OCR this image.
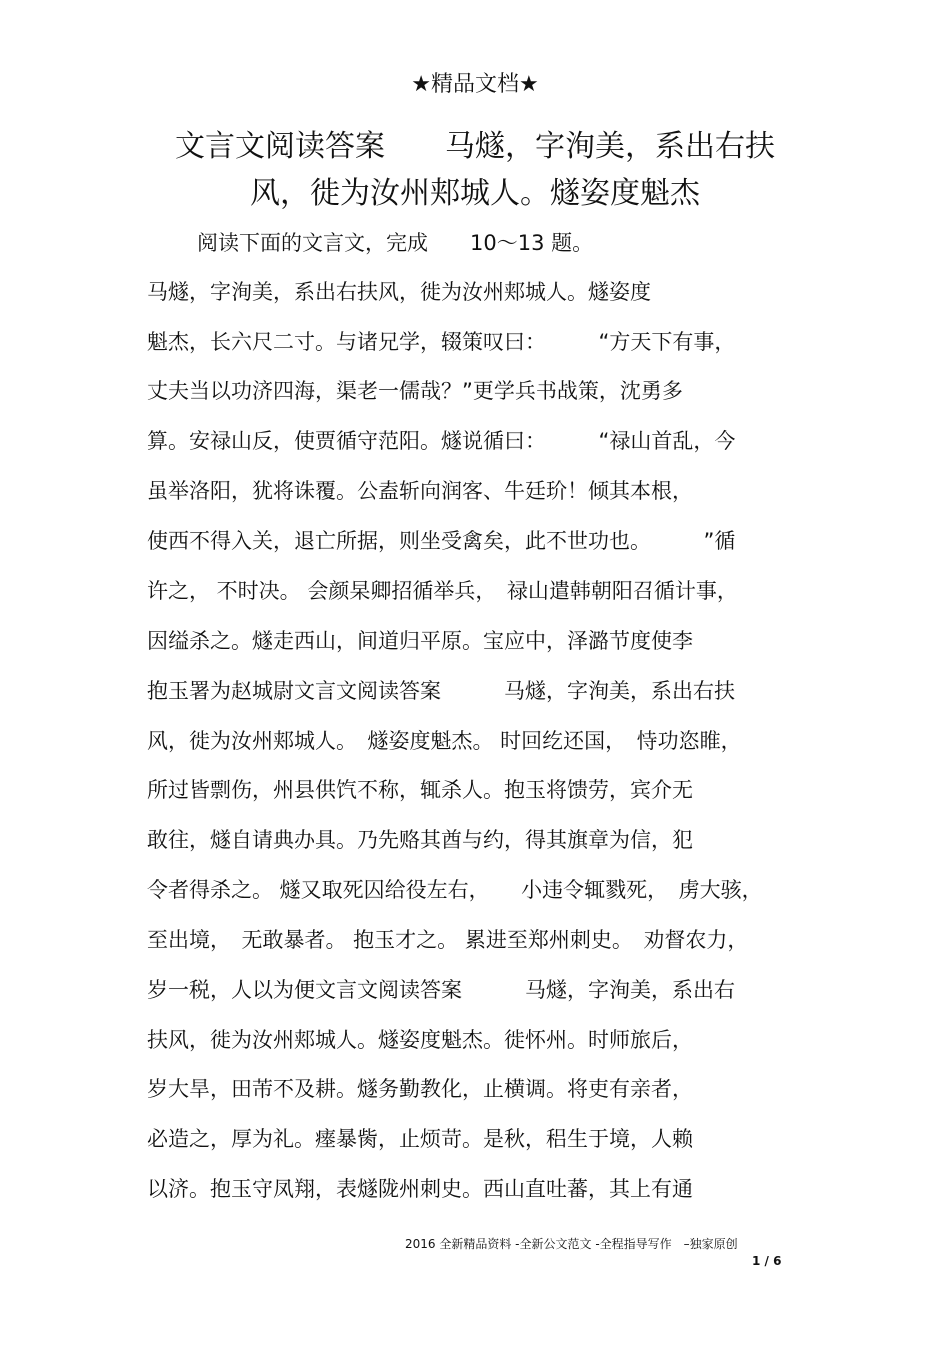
★精品文档★
文言文阅读答案　　马燧，字洵美，系出右扶
风，徙为汝州郏城人。燧姿度魁杰
阅读下面的文言文，完成　　10～13 题。
马燧，字洵美，系出右扶风，徙为汝州郏城人。燧姿度
魁杰，长六尺二寸。与诸兄学，辍策叹曰：　　　“方天下有事，
丈夫当以功济四海，渠老一儒哉？”更学兵书战策，沈勇多
算。安禄山反，使贾循守范阳。燧说循曰：　　　“禄山首乱，今
虽举洛阳，犹将诛覆。公盍斩向润客、牛廷玠！倾其本根，
使西不得入关，退亡所据，则坐受禽矣，此不世功也。　　　”循
许之， 不时决。 会颜杲卿招循举兵，　禄山遣韩朝阳召循计事，
因缢杀之。燧走西山，间道归平原。宝应中，泽潞节度使李
抱玉署为赵城尉文言文阅读答案　　　马燧，字洵美，系出右扶
风，徙为汝州郏城人。　燧姿度魁杰。 时回纥还国，　恃功恣睢，
所过皆剽伤，州县供饩不称，辄杀人。抱玉将馈劳，宾介无
敢往，燧自请典办具。乃先赂其酋与约，得其旗章为信，犯
令者得杀之。 燧又取死囚给役左右，　　小违令辄戮死，　虏大骇，
至出境，　无敢暴者。 抱玉才之。 累进至郑州刺史。　劝督农力，
岁一税，人以为便文言文阅读答案　　　马燧，字洵美，系出右
扶风，徙为汝州郏城人。燧姿度魁杰。徙怀州。时师旅后，
岁大旱，田芾不及耕。燧务勤教化，止横调。将吏有亲者，
必造之，厚为礼。瘗暴胔，止烦苛。是秋，稆生于境，人赖
以济。抱玉守凤翔，表燧陇州刺史。西山直吐蕃，其上有通
2016 全新精品资料 -全新公文范文 -全程指导写作　–独家原创
1 / 6
